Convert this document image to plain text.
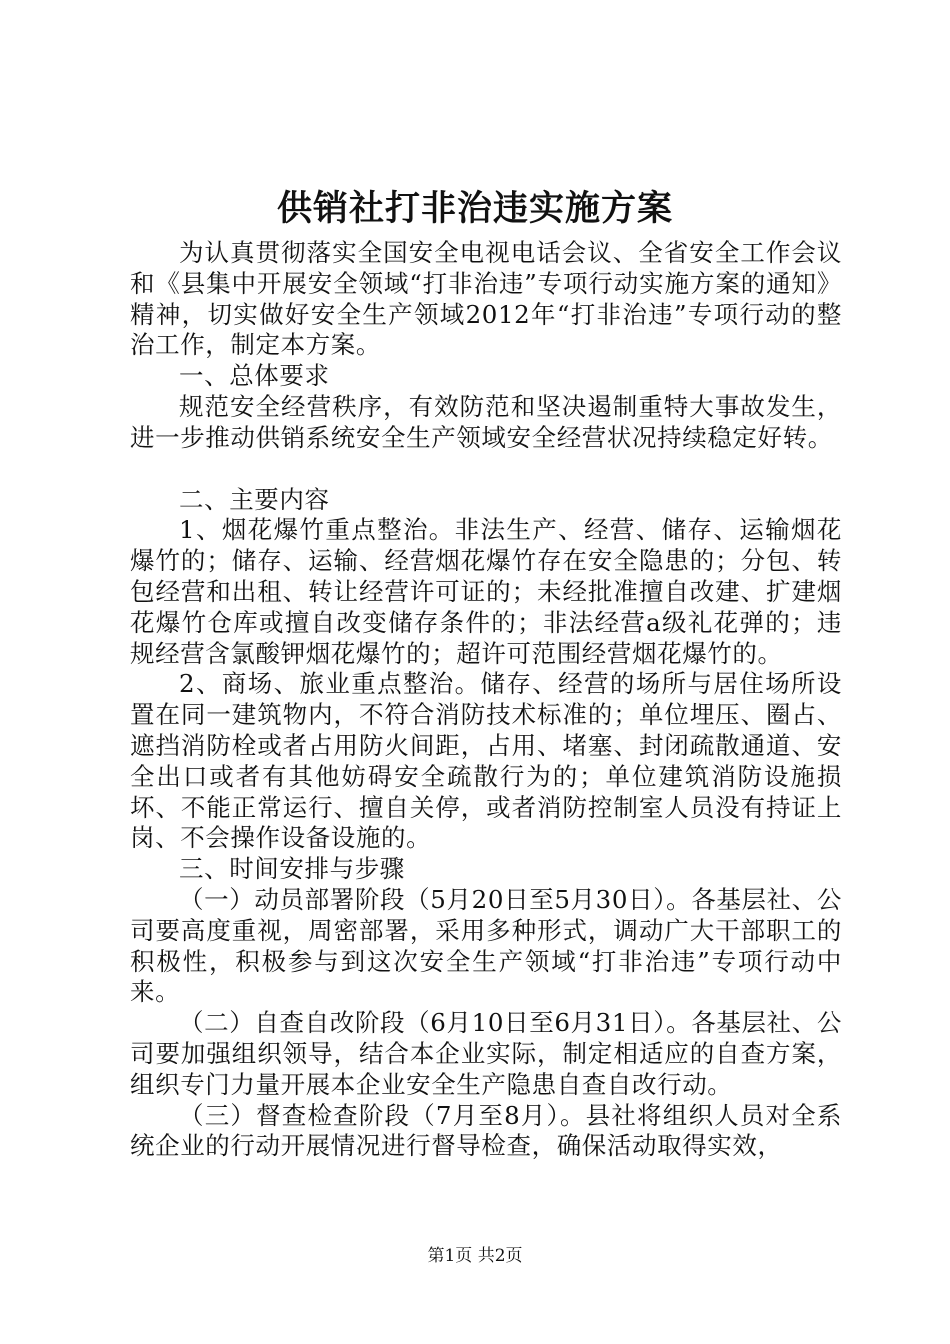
供销社打非治违实施方案

为认真贯彻落实全国安全电视电话会议、全省安全工作会议和《县集中开展安全领域“打非治违”专项行动实施方案的通知》精神，切实做好安全生产领域2012年“打非治违”专项行动的整治工作，制定本方案。

一、总体要求

规范安全经营秩序，有效防范和坚决遏制重特大事故发生，进一步推动供销系统安全生产领域安全经营状况持续稳定好转。

二、主要内容

1、烟花爆竹重点整治。非法生产、经营、储存、运输烟花爆竹的；储存、运输、经营烟花爆竹存在安全隐患的；分包、转包经营和出租、转让经营许可证的；未经批准擅自改建、扩建烟花爆竹仓库或擅自改变储存条件的；非法经营a级礼花弹的；违规经营含氯酸钾烟花爆竹的；超许可范围经营烟花爆竹的。

2、商场、旅业重点整治。储存、经营的场所与居住场所设置在同一建筑物内，不符合消防技术标准的；单位埋压、圈占、遮挡消防栓或者占用防火间距，占用、堵塞、封闭疏散通道、安全出口或者有其他妨碍安全疏散行为的；单位建筑消防设施损坏、不能正常运行、擅自关停，或者消防控制室人员没有持证上岗、不会操作设备设施的。

三、时间安排与步骤

（一）动员部署阶段（5月20日至5月30日）。各基层社、公司要高度重视，周密部署，采用多种形式，调动广大干部职工的积极性，积极参与到这次安全生产领域“打非治违”专项行动中来。

（二）自查自改阶段（6月10日至6月31日）。各基层社、公司要加强组织领导，结合本企业实际，制定相适应的自查方案，组织专门力量开展本企业安全生产隐患自查自改行动。

（三）督查检查阶段（7月至8月）。县社将组织人员对全系统企业的行动开展情况进行督导检查，确保活动取得实效，

第1页 共2页
